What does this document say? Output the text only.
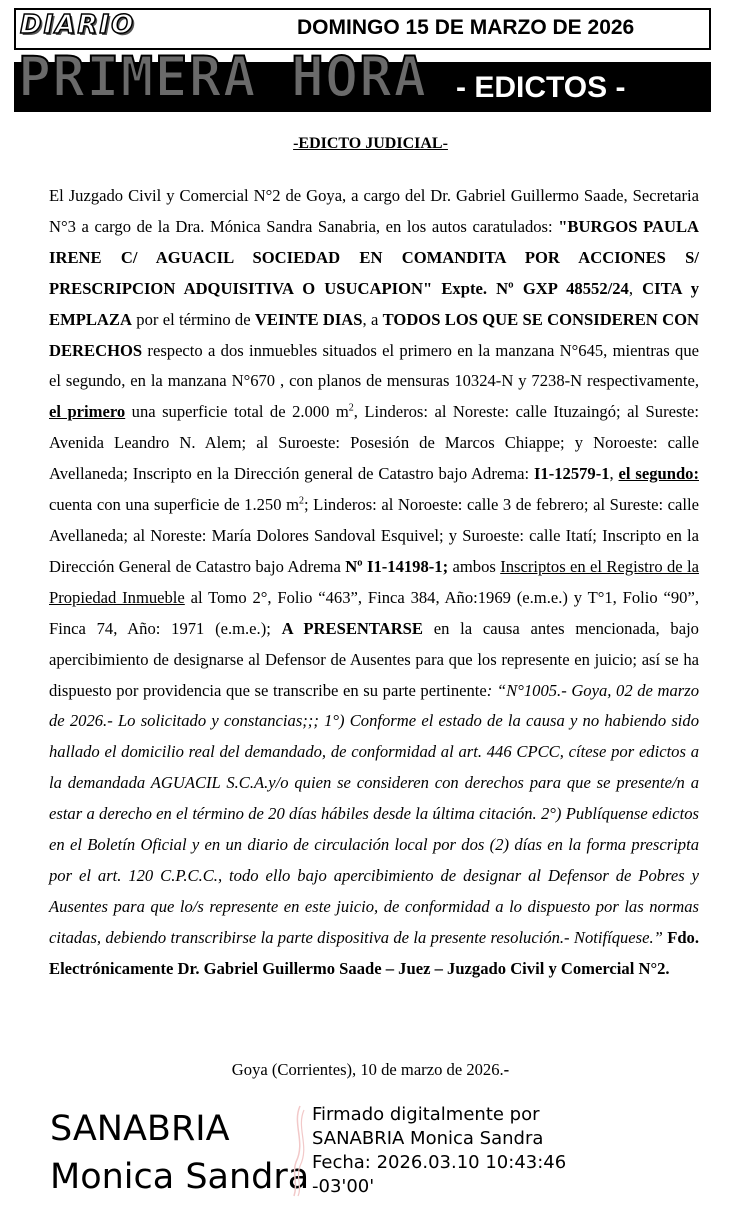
DIARIO
PRIMERA HORA
DOMINGO 15 DE MARZO DE 2026
- EDICTOS -
-EDICTO JUDICIAL-
El Juzgado Civil y Comercial N°2 de Goya, a cargo del Dr. Gabriel Guillermo Saade, Secretaria N°3 a cargo de la Dra. Mónica Sandra Sanabria, en los autos caratulados: "BURGOS PAULA IRENE C/ AGUACIL SOCIEDAD EN COMANDITA POR ACCIONES S/ PRESCRIPCION ADQUISITIVA O USUCAPION" Expte. Nº GXP 48552/24, CITA y EMPLAZA por el término de VEINTE DIAS, a TODOS LOS QUE SE CONSIDEREN CON DERECHOS respecto a dos inmuebles situados el primero en la manzana N°645, mientras que el segundo, en la manzana N°670 , con planos de mensuras 10324-N y 7238-N respectivamente, el primero una superficie total de 2.000 $m^2$, Linderos: al Noreste: calle Ituzaingó; al Sureste: Avenida Leandro N. Alem; al Suroeste: Posesión de Marcos Chiappe; y Noroeste: calle Avellaneda; Inscripto en la Dirección general de Catastro bajo Adrema: I1-12579-1, el segundo: cuenta con una superficie de 1.250 $m^2$; Linderos: al Noroeste: calle 3 de febrero; al Sureste: calle Avellaneda; al Noreste: María Dolores Sandoval Esquivel; y Suroeste: calle Itatí; Inscripto en la Dirección General de Catastro bajo Adrema Nº I1-14198-1; ambos Inscriptos en el Registro de la Propiedad Inmueble al Tomo 2°, Folio “463”, Finca 384, Año:1969 (e.m.e.) y T°1, Folio “90”, Finca 74, Año: 1971 (e.m.e.); A PRESENTARSE en la causa antes mencionada, bajo apercibimiento de designarse al Defensor de Ausentes para que los represente en juicio; así se ha dispuesto por providencia que se transcribe en su parte pertinente: “N°1005.- Goya, 02 de marzo de 2026.- Lo solicitado y constancias;;; 1°) Conforme el estado de la causa y no habiendo sido hallado el domicilio real del demandado, de conformidad al art. 446 CPCC, cítese por edictos a la demandada AGUACIL S.C.A.y/o quien se consideren con derechos para que se presente/n a estar a derecho en el término de 20 días hábiles desde la última citación. 2°) Publíquense edictos en el Boletín Oficial y en un diario de circulación local por dos (2) días en la forma prescripta por el art. 120 C.P.C.C., todo ello bajo apercibimiento de designar al Defensor de Pobres y Ausentes para que lo/s represente en este juicio, de conformidad a lo dispuesto por las normas citadas, debiendo transcribirse la parte dispositiva de la presente resolución.- Notifíquese.” Fdo. Electrónicamente Dr. Gabriel Guillermo Saade – Juez – Juzgado Civil y Comercial N°2.
Goya (Corrientes), 10 de marzo de 2026.-
SANABRIA
Monica Sandra
Firmado digitalmente por
SANABRIA Monica Sandra
Fecha: 2026.03.10 10:43:46
-03'00'
